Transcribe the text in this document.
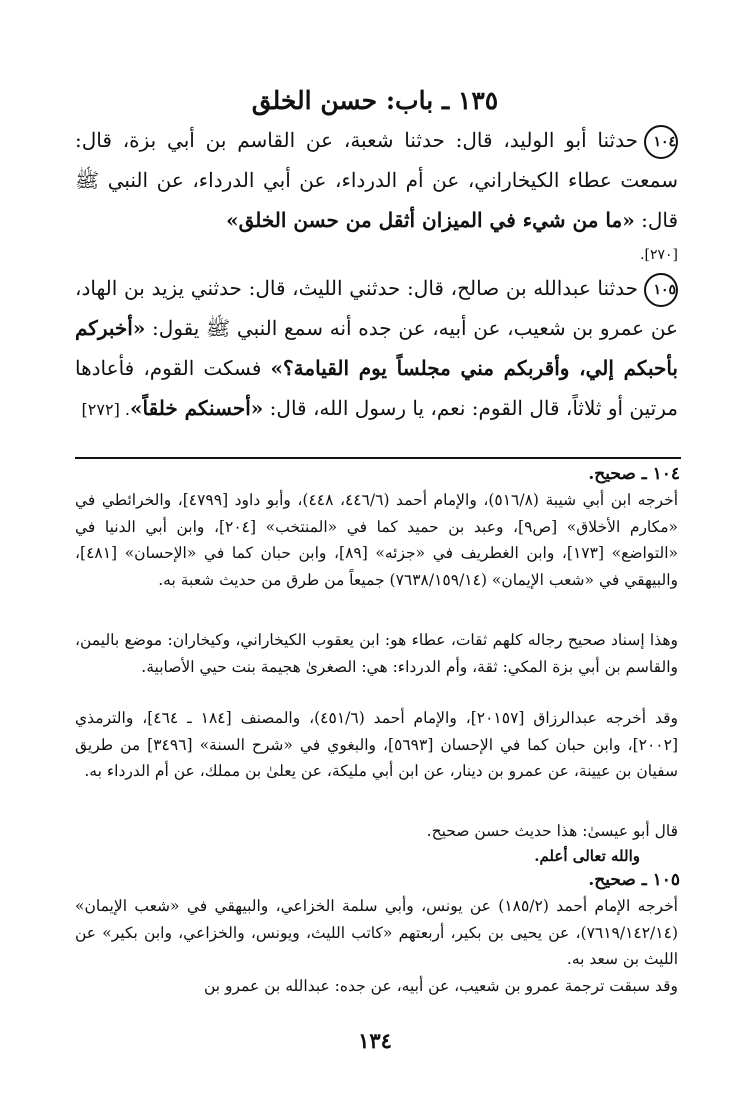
١٣٥ ـ باب: حسن الخلق
١٠٤حدثنا أبو الوليد، قال: حدثنا شعبة، عن القاسم بن أبي بزة، قال: سمعت عطاء الكيخاراني، عن أم الدرداء، عن أبي الدرداء، عن النبي ﷺ قال: «ما من شيء في الميزان أثقل من حسن الخلق»
[٢٧٠].
١٠٥حدثنا عبدالله بن صالح، قال: حدثني الليث، قال: حدثني يزيد بن الهاد، عن عمرو بن شعيب، عن أبيه، عن جده أنه سمع النبي ﷺ يقول: «أخبركم بأحبكم إلي، وأقربكم مني مجلساً يوم القيامة؟» فسكت القوم، فأعادها مرتين أو ثلاثاً، قال القوم: نعم، يا رسول الله، قال: «أحسنكم خلقاً». [٢٧٢]
١٠٤ ـ صحيح.

أخرجه ابن أبي شيبة (٥١٦/٨)، والإمام أحمد (٤٤٦/٦، ٤٤٨)، وأبو داود [٤٧٩٩]، والخرائطي في «مكارم الأخلاق» [ص٩]، وعبد بن حميد كما في «المنتخب» [٢٠٤]، وابن أبي الدنيا في «التواضع» [١٧٣]، وابن الغطريف في «جزئه» [٨٩]، وابن حبان كما في «الإحسان» [٤٨١]، والبيهقي في «شعب الإيمان» (٧٦٣٨/١٥٩/١٤) جميعاً من طرق من حديث شعبة به.

وهذا إسناد صحيح رجاله كلهم ثقات، عطاء هو: ابن يعقوب الكيخاراني، وكيخاران: موضع باليمن، والقاسم بن أبي بزة المكي: ثقة، وأم الدرداء: هي: الصغرىٰ هجيمة بنت حيي الأصابية.

وقد أخرجه عبدالرزاق [٢٠١٥٧]، والإمام أحمد (٤٥١/٦)، والمصنف [١٨٤ ـ ٤٦٤]، والترمذي [٢٠٠٢]، وابن حبان كما في الإحسان [٥٦٩٣]، والبغوي في «شرح السنة» [٣٤٩٦] من طريق سفيان بن عيينة، عن عمرو بن دينار، عن ابن أبي مليكة، عن يعلىٰ بن مملك، عن أم الدرداء به.

قال أبو عيسىٰ: هذا حديث حسن صحيح.

والله تعالى أعلم.
١٠٥ ـ صحيح.

أخرجه الإمام أحمد (١٨٥/٢) عن يونس، وأبي سلمة الخزاعي، والبيهقي في «شعب الإيمان» (٧٦١٩/١٤٢/١٤)، عن يحيى بن بكير، أربعتهم «كاتب الليث، ويونس، والخزاعي، وابن بكير» عن الليث بن سعد به.

وقد سبقت ترجمة عمرو بن شعيب، عن أبيه، عن جده: عبدالله بن عمرو بن

١٣٤
